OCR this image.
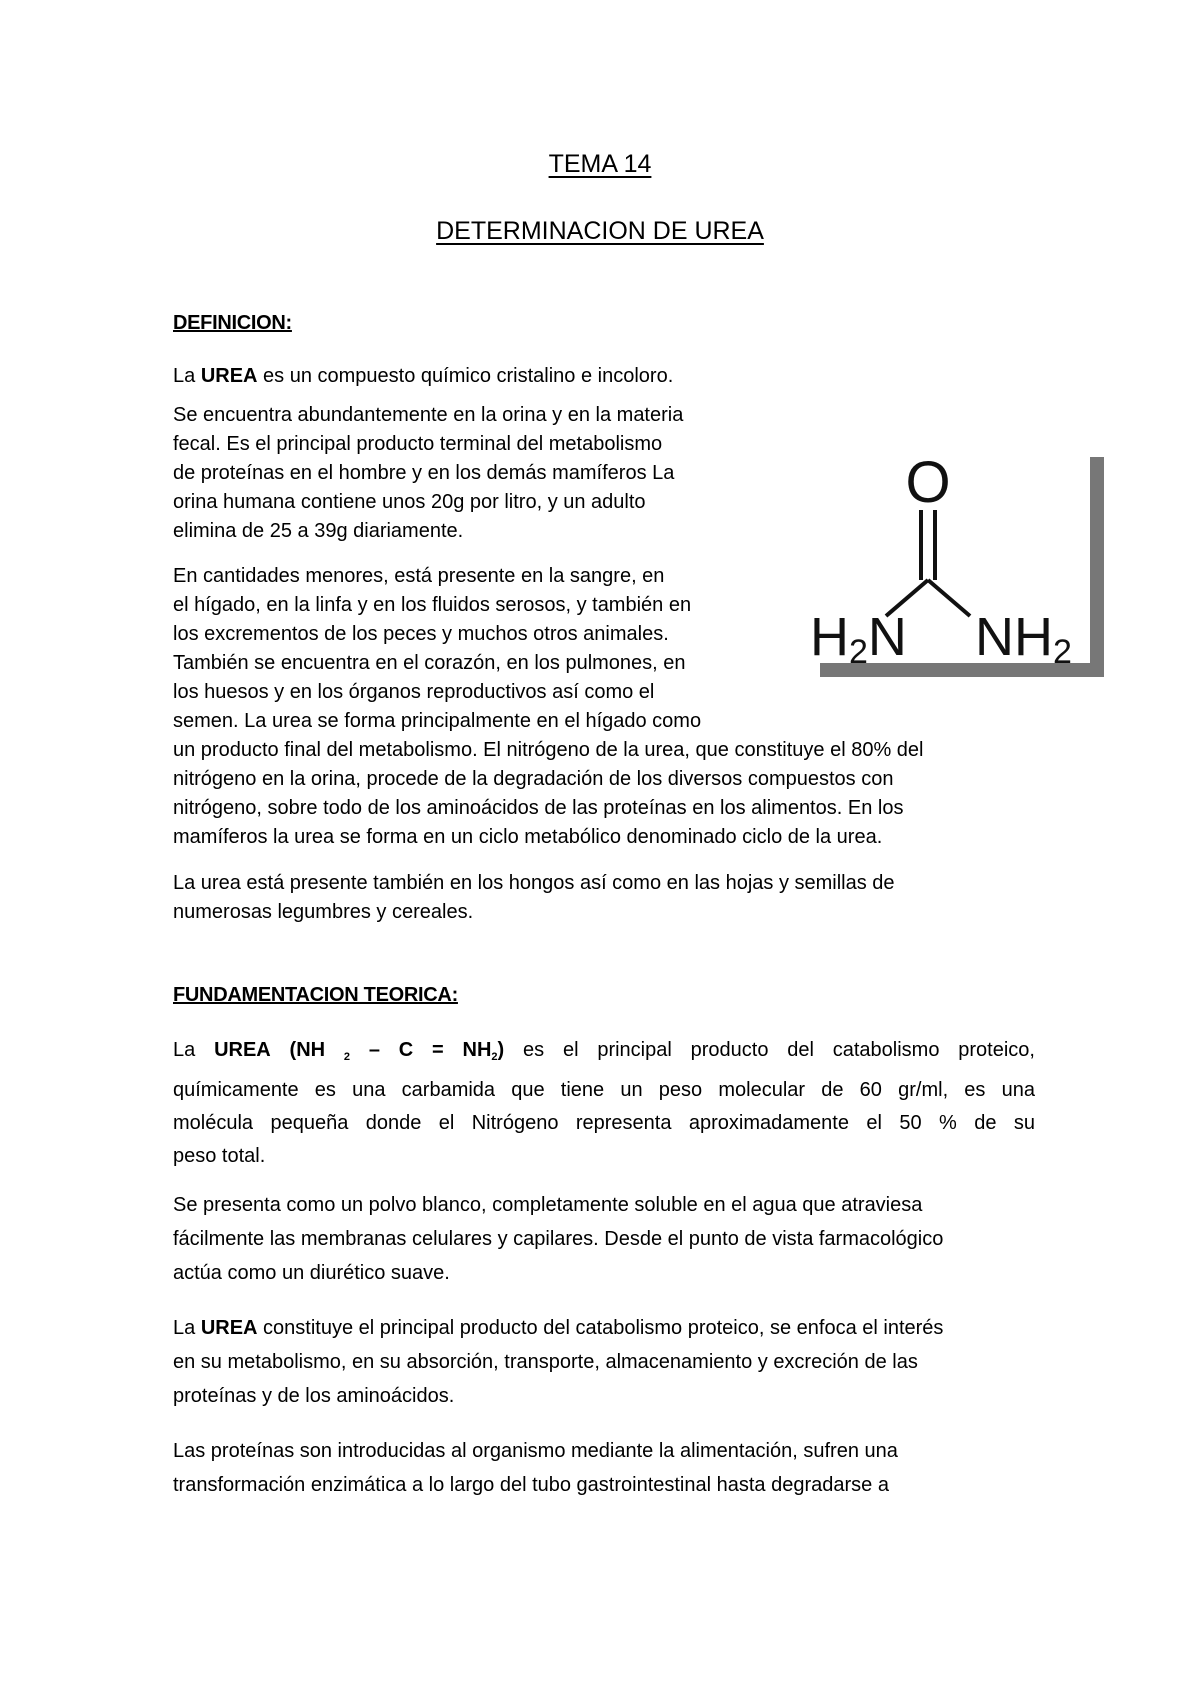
TEMA 14
DETERMINACION DE UREA
DEFINICION:
La UREA es un compuesto químico cristalino e incoloro.
Se encuentra abundantemente en la orina y en la materia
fecal. Es el principal producto terminal del metabolismo
de proteínas en el hombre y en los demás mamíferos La
orina humana contiene unos 20g por litro, y un adulto
elimina de 25 a 39g diariamente.
En cantidades menores, está presente en la sangre, en
el hígado, en la linfa y en los fluidos serosos, y también en
los excrementos de los peces y muchos otros animales.
También se encuentra en el corazón, en los pulmones, en
los huesos y en los órganos reproductivos así como el
semen. La urea se forma principalmente en el hígado como
un producto final del metabolismo. El nitrógeno de la urea, que constituye el 80% del
nitrógeno en la orina, procede de la degradación de los diversos compuestos con
nitrógeno, sobre todo de los aminoácidos de las proteínas en los alimentos. En los
mamíferos la urea se forma en un ciclo metabólico denominado ciclo de la urea.
La urea está presente también en los hongos así como en las hojas y semillas de
numerosas legumbres y cereales.
O
H2N NH2
FUNDAMENTACION TEORICA:
La UREA (NH $_2 - C = NH_2$) es el principal producto del catabolismo proteico,
químicamente es una carbamida que tiene un peso molecular de 60 gr/ml, es una
molécula pequeña donde el Nitrógeno representa aproximadamente el 50 % de su
peso total.
Se presenta como un polvo blanco, completamente soluble en el agua que atraviesa
fácilmente las membranas celulares y capilares. Desde el punto de vista farmacológico
actúa como un diurético suave.
La UREA constituye el principal producto del catabolismo proteico, se enfoca el interés
en su metabolismo, en su absorción, transporte, almacenamiento y excreción de las
proteínas y de los aminoácidos.
Las proteínas son introducidas al organismo mediante la alimentación, sufren una
transformación enzimática a lo largo del tubo gastrointestinal hasta degradarse a
